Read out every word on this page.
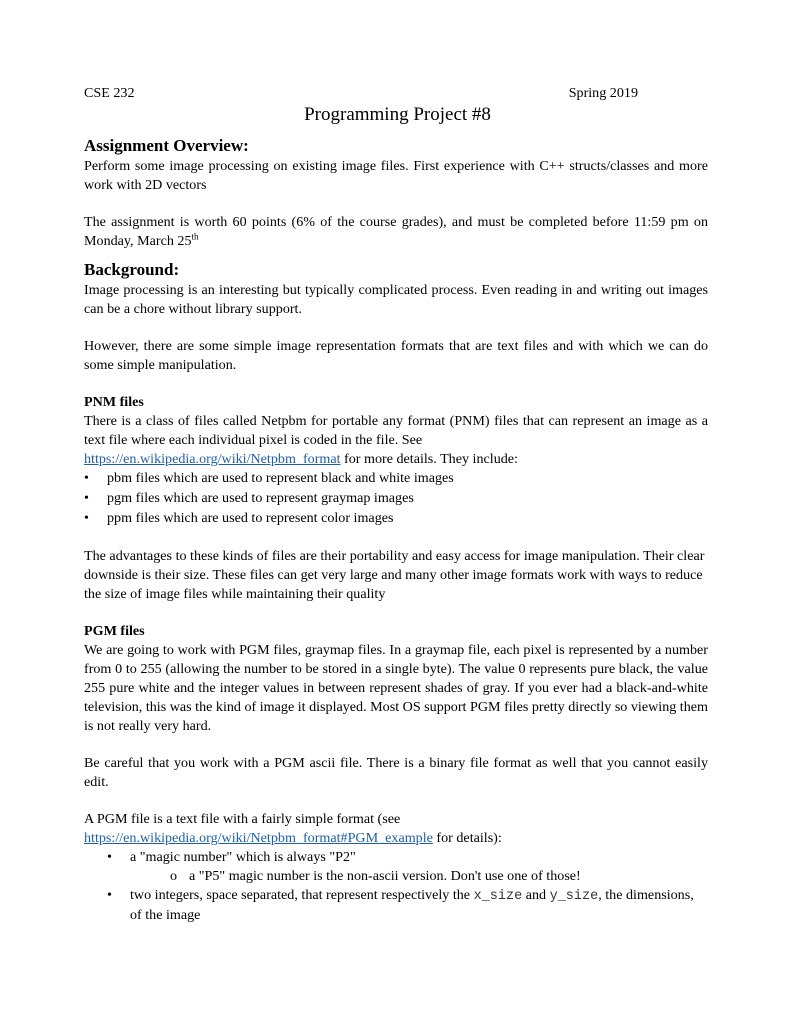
CSE 232	Spring 2019
Programming Project #8
Assignment Overview:

Perform some image processing on existing image files. First experience with C++ structs/classes and more work with 2D vectors

The assignment is worth 60 points (6% of the course grades), and must be completed before 11:59 pm on Monday, March 25th

Background:

Image processing is an interesting but typically complicated process. Even reading in and writing out images can be a chore without library support.

However, there are some simple image representation formats that are text files and with which we can do some simple manipulation.

PNM files

There is a class of files called Netpbm for portable any format (PNM) files that can represent an image as a text file where each individual pixel is coded in the file. See
https://en.wikipedia.org/wiki/Netpbm_format for more details. They include:

• pbm files which are used to represent black and white images
• pgm files which are used to represent graymap images
• ppm files which are used to represent color images

The advantages to these kinds of files are their portability and easy access for image manipulation. Their clear downside is their size. These files can get very large and many other image formats work with ways to reduce the size of image files while maintaining their quality

PGM files

We are going to work with PGM files, graymap files. In a graymap file, each pixel is represented by a number from 0 to 255 (allowing the number to be stored in a single byte). The value 0 represents pure black, the value 255 pure white and the integer values in between represent shades of gray. If you ever had a black-and-white television, this was the kind of image it displayed. Most OS support PGM files pretty directly so viewing them is not really very hard.

Be careful that you work with a PGM ascii file. There is a binary file format as well that you cannot easily edit.

A PGM file is a text file with a fairly simple format (see
https://en.wikipedia.org/wiki/Netpbm_format#PGM_example for details):

• a "magic number" which is always "P2"
o a "P5" magic number is the non-ascii version. Don't use one of those!
• two integers, space separated, that represent respectively the x_size and y_size, the dimensions, of the image
